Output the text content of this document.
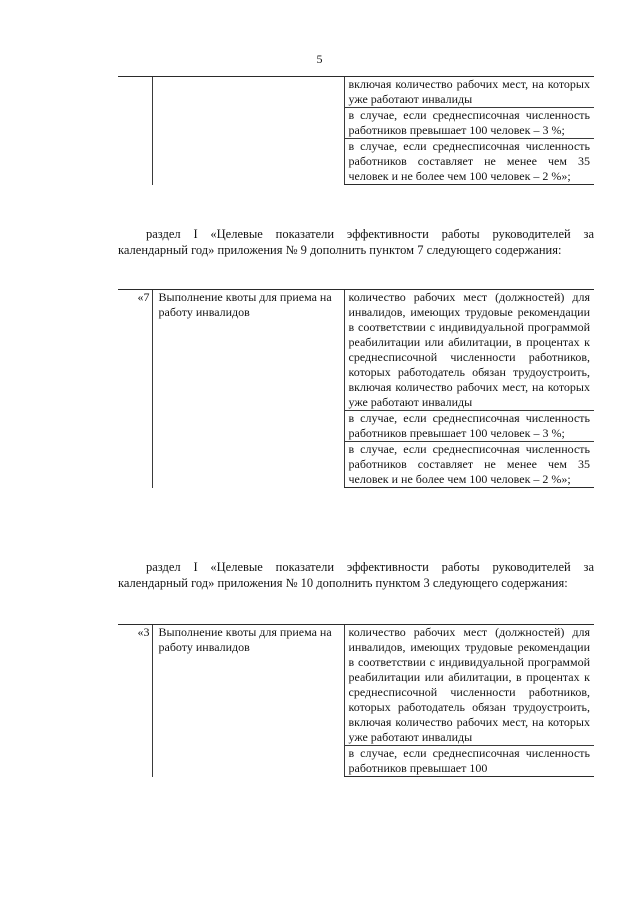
5
		включая количество рабочих мест, на которых уже работают инвалиды
в случае, если среднесписочная численность работников превышает 100 человек – 3 %;
в случае, если среднесписочная численность работников составляет не менее чем 35 человек и не более чем 100 человек – 2 %»;

раздел I «Целевые показатели эффективности работы руководителей за календарный год» приложения № 9 дополнить пунктом 7 следующего содержания:

«7	Выполнение квоты для приема на работу инвалидов	количество рабочих мест (должностей) для инвалидов, имеющих трудовые рекомендации в соответствии с индивидуальной программой реабилитации или абилитации, в процентах к среднесписочной численности работников, которых работодатель обязан трудоустроить, включая количество рабочих мест, на которых уже работают инвалиды
в случае, если среднесписочная численность работников превышает 100 человек – 3 %;
в случае, если среднесписочная численность работников составляет не менее чем 35 человек и не более чем 100 человек – 2 %»;

раздел I «Целевые показатели эффективности работы руководителей за календарный год» приложения № 10 дополнить пунктом 3 следующего содержания:

«3	Выполнение квоты для приема на работу инвалидов	количество рабочих мест (должностей) для инвалидов, имеющих трудовые рекомендации в соответствии с индивидуальной программой реабилитации или абилитации, в процентах к среднесписочной численности работников, которых работодатель обязан трудоустроить, включая количество рабочих мест, на которых уже работают инвалиды
в случае, если среднесписочная численность работников превышает 100
